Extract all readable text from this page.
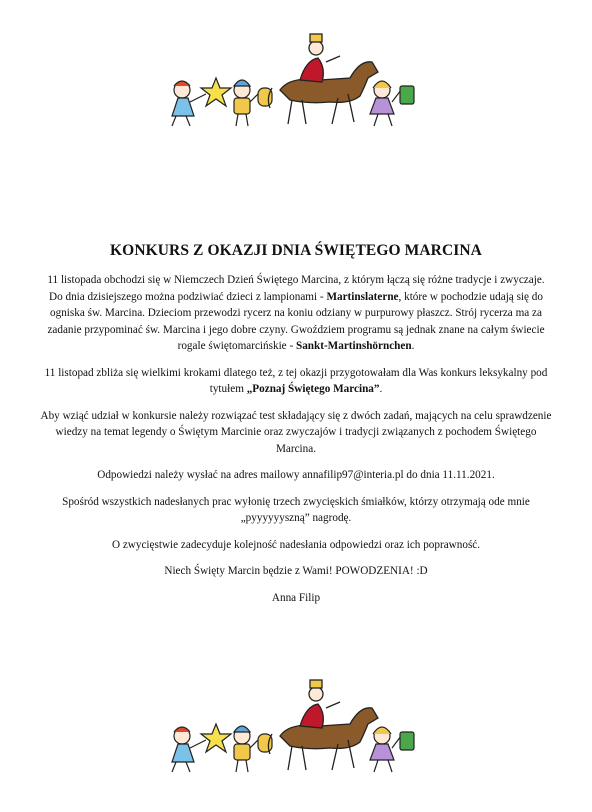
KONKURS Z OKAZJI DNIA ŚWIĘTEGO MARCINA

11 listopada obchodzi się w Niemczech Dzień Świętego Marcina, z którym łączą się różne tradycje i zwyczaje. Do dnia dzisiejszego można podziwiać dzieci z lampionami - Martinslaterne, które w pochodzie udają się do ogniska św. Marcina. Dzieciom przewodzi rycerz na koniu odziany w purpurowy płaszcz. Strój rycerza ma za zadanie przypominać św. Marcina i jego dobre czyny. Gwoździem programu są jednak znane na całym świecie rogale świętomarcińskie - Sankt-Martinshörnchen.

11 listopad zbliża się wielkimi krokami dlatego też, z tej okazji przygotowałam dla Was konkurs leksykalny pod tytułem „Poznaj Świętego Marcina”.

Aby wziąć udział w konkursie należy rozwiązać test składający się z dwóch zadań, mających na celu sprawdzenie wiedzy na temat legendy o Świętym Marcinie oraz zwyczajów i tradycji związanych z pochodem Świętego Marcina.

Odpowiedzi należy wysłać na adres mailowy annafilip97@interia.pl do dnia 11.11.2021.

Spośród wszystkich nadesłanych prac wyłonię trzech zwycięskich śmiałków, którzy otrzymają ode mnie „pyyyyyyszną” nagrodę.

O zwycięstwie zadecyduje kolejność nadesłania odpowiedzi oraz ich poprawność.

Niech Święty Marcin będzie z Wami! POWODZENIA! :D

Anna Filip
